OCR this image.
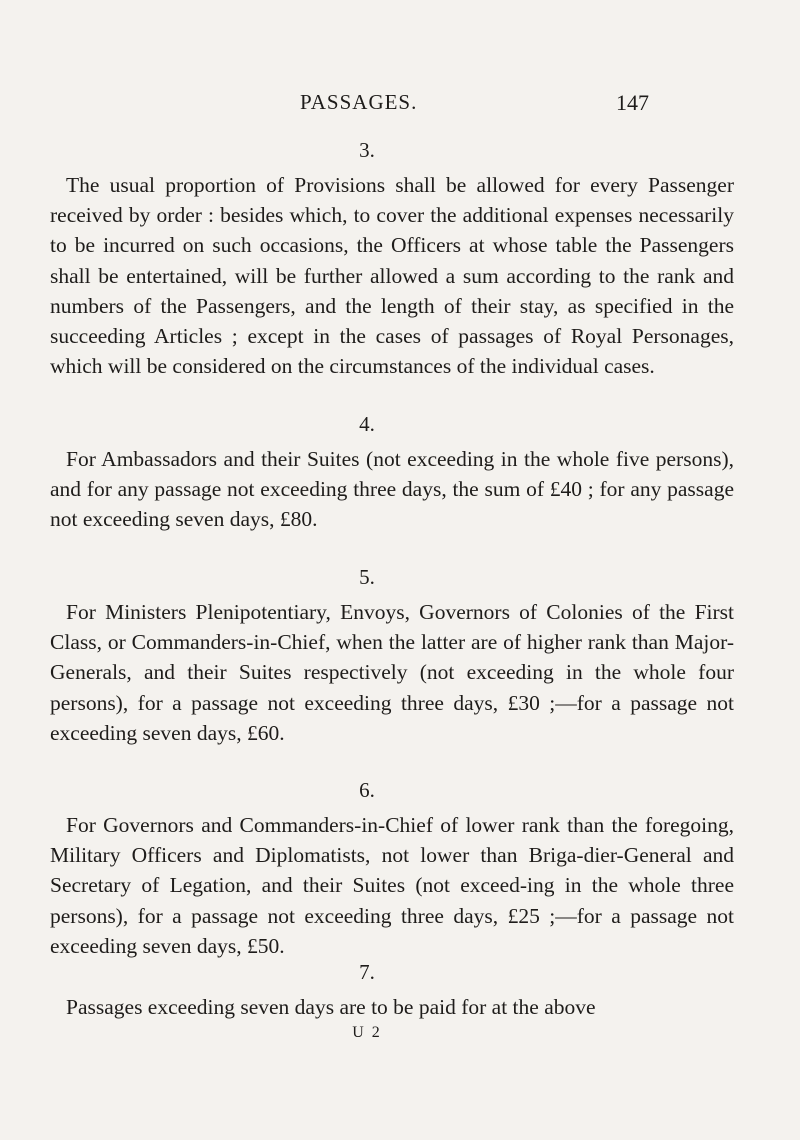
PASSAGES.	147
3.

The usual proportion of Provisions shall be allowed for every Passenger received by order : besides which, to cover the additional expenses necessarily to be incurred on such occasions, the Officers at whose table the Passengers shall be entertained, will be further allowed a sum according to the rank and numbers of the Passengers, and the length of their stay, as specified in the succeeding Articles ; except in the cases of passages of Royal Personages, which will be considered on the circumstances of the individual cases.

4.

For Ambassadors and their Suites (not exceeding in the whole five persons), and for any passage not exceeding three days, the sum of £40 ; for any passage not exceeding seven days, £80.

5.

For Ministers Plenipotentiary, Envoys, Governors of Colonies of the First Class, or Commanders-in-Chief, when the latter are of higher rank than Major-Generals, and their Suites respectively (not exceeding in the whole four persons), for a passage not exceeding three days, £30 ;—for a passage not exceeding seven days, £60.

6.

For Governors and Commanders-in-Chief of lower rank than the foregoing, Military Officers and Diplomatists, not lower than Briga-dier-General and Secretary of Legation, and their Suites (not exceed-ing in the whole three persons), for a passage not exceeding three days, £25 ;—for a passage not exceeding seven days, £50.

7.

Passages exceeding seven days are to be paid for at the above

U 2
